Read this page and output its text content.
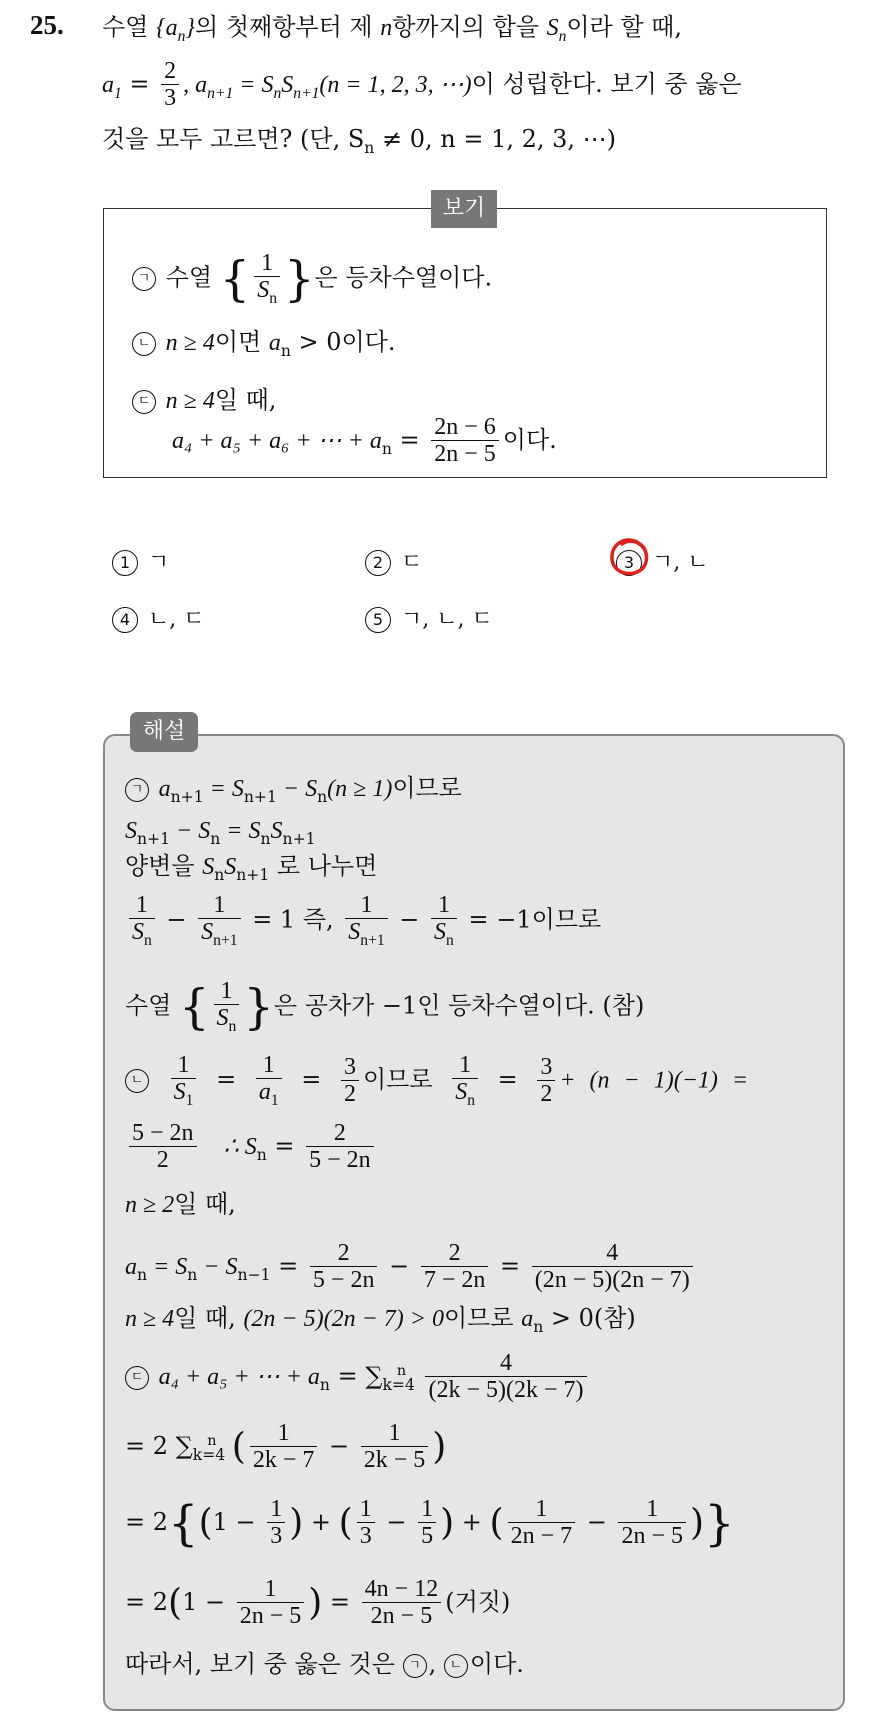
25. 수열 $\{a_n\}$의 첫째항부터 제 n항까지의 합을 $S_n$이라 할 때,
$a_1 = \frac{2}{3}$ , $a_{n+1} = S_nS_{n+1}(n = 1$, 2, 3, ⋯)이 성립한다. 보기 중 옳은
것을 모두 고르면? (단, $S_n \ne 0$, n = 1, 2, 3, ⋯)
보기
ㄱ 수열 { $\frac{1}{S_n}$ }은 등차수열이다.
ㄴ n ≥ 4이면 $a_n > 0$이다.
ㄷ n ≥ 4일 때,
a₄ + a₅ + a₆ + ⋯ + $a_n = \frac{2n - 6}{2n - 5}$ 이다.
1 ㄱ	2 ㄷ	3 ㄱ, ㄴ
4 ㄴ, ㄷ	5 ㄱ, ㄴ, ㄷ
해설
ㄱ $a_{n+1} = S_{n+1} - S_n(n \ge 1)$이므로
$S_{n+1} - S_n = S_nS_{n+1}$
양변을 $S_nS_{n+1}$ 로 나누면
$\frac{1}{S_n} - \frac{1}{S_{n+1}} = 1$ 즉, $\frac{1}{S_{n+1}} - \frac{1}{S_n} = -1$이므로
수열 { $\frac{1}{S_n}$ }은 공차가 −1인 등차수열이다. (참)
ㄴ $\frac{1}{S_1} = \frac{1}{a_1} = \frac{3}{2}$ 이므로 $\frac{1}{S_n} = \frac{3}{2} + (n - 1)(-1)$ =
$\frac{5 - 2n}{2}$ ∴ $S_n = \frac{2}{5 - 2n}$
n ≥ 2일 때,
$a_n = S_n - S_{n-1} = \frac{2}{5 - 2n} - \frac{2}{7 - 2n} = \frac{4}{(2n - 5)(2n - 7)}$
n ≥ 4일 때, (2n − 5)(2n − 7) > 0이므로 $a_n > 0$(참)
ㄷ a₄ + a₅ + ⋯ + $a_n = \sum_{k=4}^n \frac{4}{(2k - 5)(2k - 7)}$
= 2 $\sum_{k=4}^n$ ( $\frac{1}{2k - 7} - \frac{1}{2k - 5}$ )
= $2\{(1 - \frac{1}{3}$ ) + ( $\frac{1}{3} - \frac{1}{5}$ ) + ( $\frac{1}{2n - 7} - \frac{1}{2n - 5}$ )}
= $2(1 - \frac{1}{2n - 5}$ ) = $\frac{4n - 12}{2n - 5}$ (거짓)
따라서, 보기 중 옳은 것은 ㄱ , ㄴ 이다.
